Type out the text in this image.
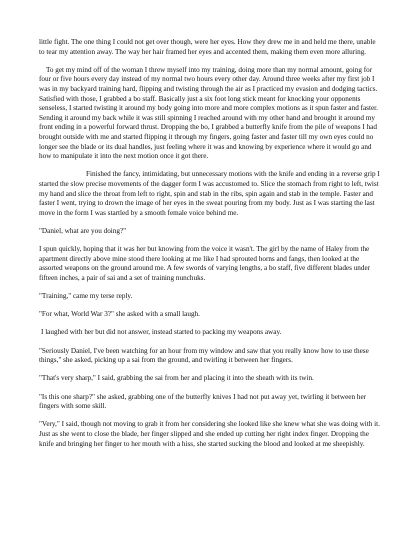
little fight. The one thing I could not get over though, were her eyes. How they drew me in and held me there, unable to tear my attention away. The way her hair framed her eyes and accented them, making them even more alluring.

To get my mind off of the woman I threw myself into my training, doing more than my normal amount, going for four or five hours every day instead of my normal two hours every other day. Around three weeks after my first job I was in my backyard training hard, flipping and twisting through the air as I practiced my evasion and dodging tactics. Satisfied with those, I grabbed a bo staff. Basically just a six foot long stick meant for knocking your opponents senseless, I started twisting it around my body going into more and more complex motions as it spun faster and faster. Sending it around my back while it was still spinning I reached around with my other hand and brought it around my front ending in a powerful forward thrust. Dropping the bo, I grabbed a butterfly knife from the pile of weapons I had brought outside with me and started flipping it through my fingers, going faster and faster till my own eyes could no longer see the blade or its dual handles, just feeling where it was and knowing by experience where it would go and how to manipulate it into the next motion once it got there.

Finished the fancy, intimidating, but unnecessary motions with the knife and ending in a reverse grip I started the slow precise movements of the dagger form I was accustomed to. Slice the stomach from right to left, twist my hand and slice the throat from left to right, spin and stab in the ribs, spin again and stab in the temple. Faster and faster I went, trying to drown the image of her eyes in the sweat pouring from my body. Just as I was starting the last move in the form I was startled by a smooth female voice behind me.

"Daniel, what are you doing?"

I spun quickly, hoping that it was her but knowing from the voice it wasn't. The girl by the name of Haley from the apartment directly above mine stood there looking at me like I had sprouted horns and fangs, then looked at the assorted weapons on the ground around me. A few swords of varying lengths, a bo staff, five different blades under fifteen inches, a pair of sai and a set of training nunchuks.

"Training," came my terse reply.

"For what, World War 3?" she asked with a small laugh.

I laughed with her but did not answer, instead started to packing my weapons away.

"Seriously Daniel, I've been watching for an hour from my window and saw that you really know how to use these things," she asked, picking up a sai from the ground, and twirling it between her fingers.

"That's very sharp," I said, grabbing the sai from her and placing it into the sheath with its twin.

"Is this one sharp?" she asked, grabbing one of the butterfly knives I had not put away yet, twirling it between her fingers with some skill.

"Very," I said, though not moving to grab it from her considering she looked like she knew what she was doing with it. Just as she went to close the blade, her finger slipped and she ended up cutting her right index finger. Dropping the knife and bringing her finger to her mouth with a hiss, she started sucking the blood and looked at me sheepishly.
